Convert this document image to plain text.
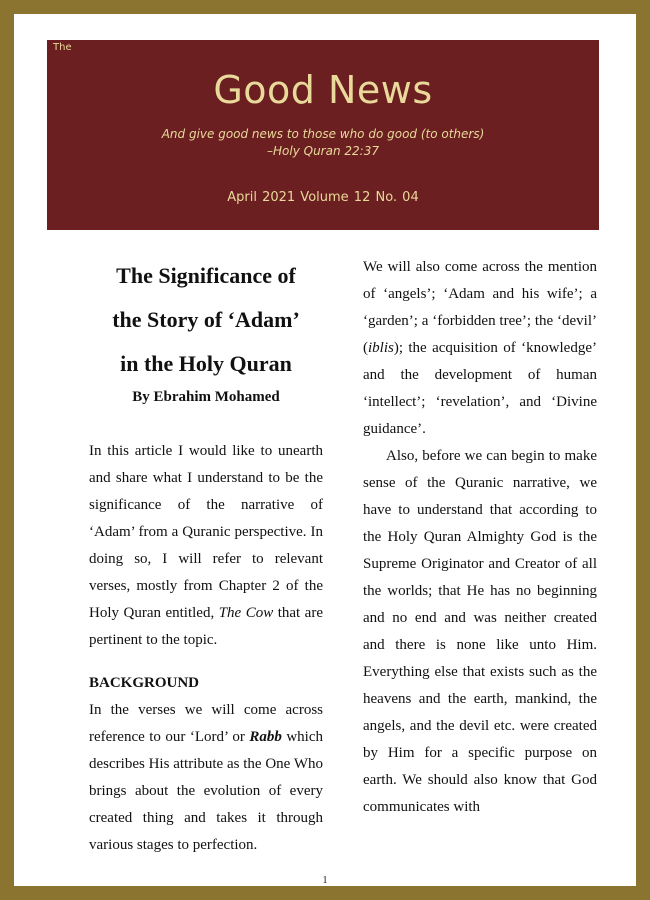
The
Good News
And give good news to those who do good (to others)
–Holy Quran 22:37
April 2021 Volume 12 No. 04
The Significance of
the Story of ‘Adam’
in the Holy Quran

By Ebrahim Mohamed

In this article I would like to unearth and share what I understand to be the significance of the narrative of ‘Adam’ from a Quranic perspective. In doing so, I will refer to relevant verses, mostly from Chapter 2 of the Holy Quran entitled, The Cow that are pertinent to the topic.

BACKGROUND

In the verses we will come across reference to our ‘Lord’ or Rabb which describes His attribute as the One Who brings about the evolution of every created thing and takes it through various stages to perfection.

We will also come across the mention of ‘angels’; ‘Adam and his wife’; a ‘garden’; a ‘forbidden tree’; the ‘devil’ (iblis); the acquisition of ‘knowledge’ and the development of human ‘intellect’; ‘revelation’, and ‘Divine guidance’.

Also, before we can begin to make sense of the Quranic narrative, we have to understand that according to the Holy Quran Almighty God is the Supreme Originator and Creator of all the worlds; that He has no beginning and no end and was neither created and there is none like unto Him. Everything else that exists such as the heavens and the earth, mankind, the angels, and the devil etc. were created by Him for a specific purpose on earth. We should also know that God communicates with

1
